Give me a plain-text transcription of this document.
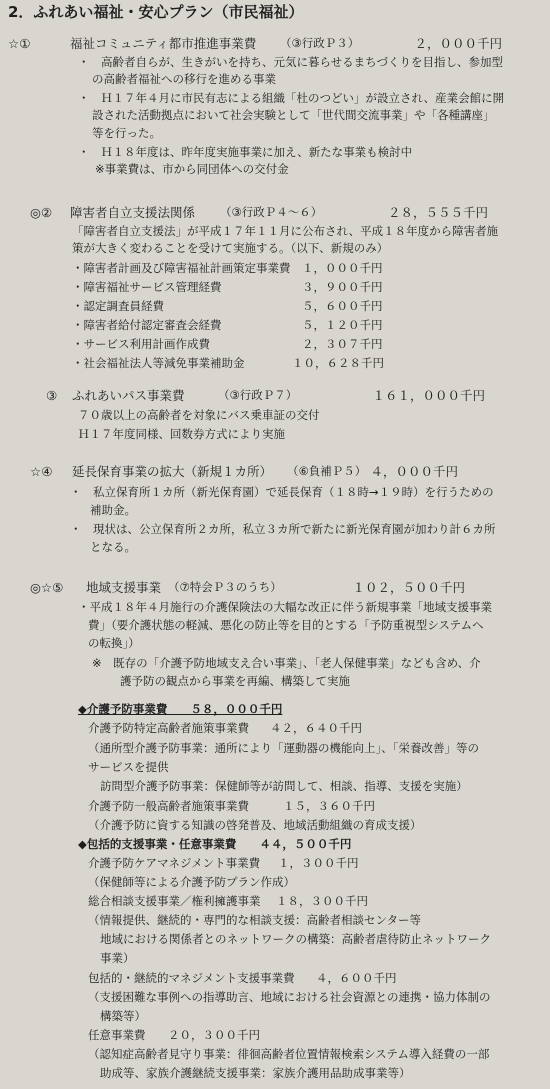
2．ふれあい福祉・安心プラン（市民福祉）
☆①	福祉コミュニティ都市推進事業費 （③行政Ｐ３）	２，０００千円
・　高齢者自らが、生きがいを持ち、元気に暮らせるまちづくりを目指し、参加型
の高齢者福祉への移行を進める事業
・　Ｈ１７年４月に市民有志による組織「杜のつどい」が設立され、産業会館に開
設された活動拠点において社会実験として「世代間交流事業」や「各種講座」
等を行った。
・　Ｈ１８年度は、昨年度実施事業に加え、新たな事業も検討中
※事業費は、市から同団体への交付金
◎② 障害者自立支援法関係 （③行政Ｐ４～６）	２８，５５５千円
「障害者自立支援法」が平成１７年１１月に公布され、平成１８年度から障害者施
策が大きく変わることを受けて実施する。（以下、新規のみ）
・障害者計画及び障害福祉計画策定事業費 １，０００千円
・障害福祉サービス管理経費	３，９００千円
・認定調査員経費	５，６００千円
・障害者給付認定審査会経費	５，１２０千円
・サービス利用計画作成費	２，３０７千円
・社会福祉法人等減免事業補助金	１０，６２８千円
③ ふれあいパス事業費	（③行政Ｐ７）	１６１，０００千円
７０歳以上の高齢者を対象にバス乗車証の交付
Ｈ１７年度同様、回数券方式により実施
☆④ 延長保育事業の拡大（新規１カ所） （⑥負補Ｐ５） ４，０００千円
・　私立保育所１カ所（新光保育園）で延長保育（１８時→１９時）を行うための
補助金。
・　現状は、公立保育所２カ所，私立３カ所で新たに新光保育園が加わり計６カ所
となる。
◎☆⑤ 地域支援事業 （⑦特会Ｐ３のうち）	１０２，５００千円
・平成１８年４月施行の介護保険法の大幅な改正に伴う新規事業「地域支援事業
費」（要介護状態の軽減、悪化の防止等を目的とする「予防重視型システムへ
の転換」）
※　既存の「介護予防地域支え合い事業」、「老人保健事業」なども含め、介
護予防の観点から事業を再編、構築して実施
◆介護予防事業費　　５８，０００千円
介護予防特定高齢者施策事業費 ４２，６４０千円
（通所型介護予防事業：通所により「運動器の機能向上」、「栄養改善」等の
サービスを提供
訪問型介護予防事業：保健師等が訪問して、相談、指導、支援を実施）
介護予防一般高齢者施策事業費	１５，３６０千円
（介護予防に資する知識の啓発普及、地域活動組織の育成支援）
◆包括的支援事業・任意事業費　　４４，５００千円
介護予防ケアマネジメント事業費 １，３００千円
（保健師等による介護予防プラン作成）
総合相談支援事業／権利擁護事業 １８，３００千円
（情報提供、継続的・専門的な相談支援：高齢者相談センター等
地域における関係者とのネットワークの構築：高齢者虐待防止ネットワーク
事業）
包括的・継続的マネジメント支援事業費 ４，６００千円
（支援困難な事例への指導助言、地域における社会資源との連携・協力体制の
構築等）
任意事業費 ２０，３００千円
（認知症高齢者見守り事業：徘徊高齢者位置情報検索システム導入経費の一部
助成等、家族介護継続支援事業：家族介護用品助成事業等）
